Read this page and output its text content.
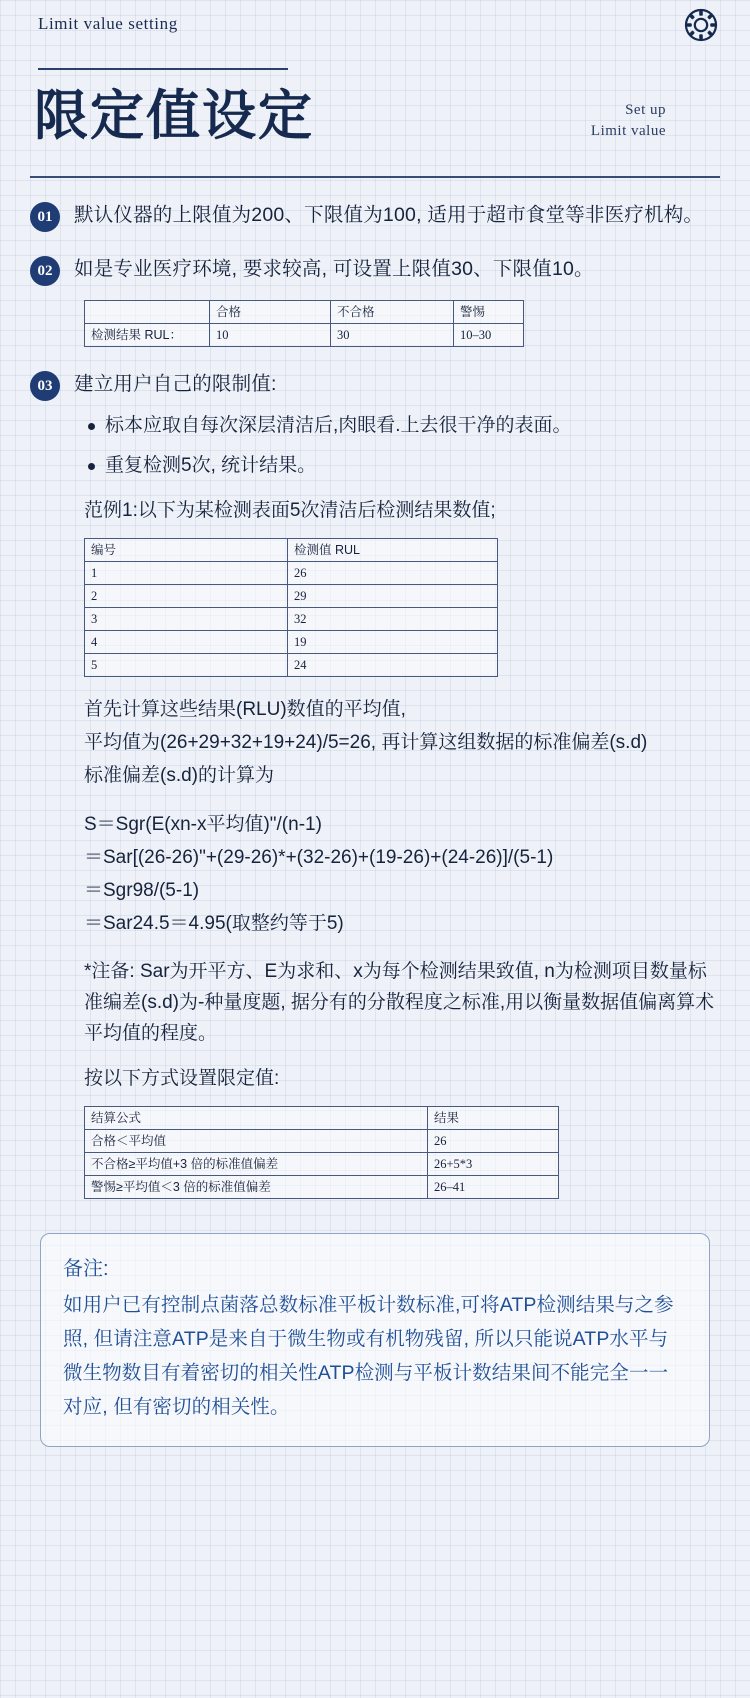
Limit value setting
限定值设定	Set up
Limit value
01	默认仪器的上限值为200、下限值为100, 适用于超市食堂等非医疗机构。
02	如是专业医疗环境, 要求较高, 可设置上限值30、下限值10。
	合格	不合格	警惕
检测结果 RUL：	10	30	10–30
03	建立用户自己的限制值:
标本应取自每次深层清洁后,肉眼看.上去很干净的表面。
重复检测5次, 统计结果。
范例1:以下为某检测表面5次清洁后检测结果数值;
编号	检测值 RUL
1	26
2	29
3	32
4	19
5	24
首先计算这些结果(RLU)数值的平均值,
平均值为(26+29+32+19+24)/5=26, 再计算这组数据的标准偏差(s.d)
标准偏差(s.d)的计算为
S＝Sgr(E(xn-x平均值)"/(n-1)
＝Sar[(26-26)"+(29-26)*+(32-26)+(19-26)+(24-26)]/(5-1)
＝Sgr98/(5-1)
＝Sar24.5＝4.95(取整约等于5)
*注备: Sar为开平方、E为求和、x为每个检测结果致值, n为检测项目数量标准编差(s.d)为-种量度题, 据分有的分散程度之标准,用以衡量数据值偏离算术平均值的程度。
按以下方式设置限定值:
结算公式	结果
合格＜平均值	26
不合格≥平均值+3 倍的标准值偏差	26+5*3
警惕≥平均值＜3 倍的标准值偏差	26–41
备注:
如用户已有控制点菌落总数标准平板计数标准,可将ATP检测结果与之参照, 但请注意ATP是来自于微生物或有机物残留, 所以只能说ATP水平与微生物数目有着密切的相关性ATP检测与平板计数结果间不能完全一一对应, 但有密切的相关性。
